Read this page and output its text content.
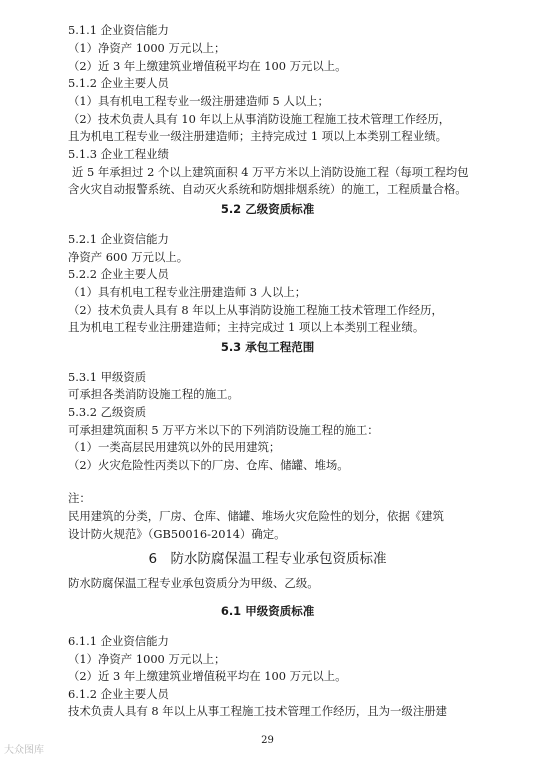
5.1.1 企业资信能力
（1）净资产 1000 万元以上；
（2）近 3 年上缴建筑业增值税平均在 100 万元以上。
5.1.2 企业主要人员
（1）具有机电工程专业一级注册建造师 5 人以上；
（2）技术负责人具有 10 年以上从事消防设施工程施工技术管理工作经历，
且为机电工程专业一级注册建造师；主持完成过 1 项以上本类别工程业绩。
5.1.3 企业工程业绩
近 5 年承担过 2 个以上建筑面积 4 万平方米以上消防设施工程（每项工程均包
含火灾自动报警系统、自动灭火系统和防烟排烟系统）的施工，工程质量合格。
5.2 乙级资质标准
5.2.1 企业资信能力
净资产 600 万元以上。
5.2.2 企业主要人员
（1）具有机电工程专业注册建造师 3 人以上；
（2）技术负责人具有 8 年以上从事消防设施工程施工技术管理工作经历，
且为机电工程专业注册建造师；主持完成过 1 项以上本类别工程业绩。
5.3 承包工程范围
5.3.1 甲级资质
可承担各类消防设施工程的施工。
5.3.2 乙级资质
可承担建筑面积 5 万平方米以下的下列消防设施工程的施工：
（1）一类高层民用建筑以外的民用建筑；
（2）火灾危险性丙类以下的厂房、仓库、储罐、堆场。
注：
民用建筑的分类，厂房、仓库、储罐、堆场火灾危险性的划分，依据《建筑
设计防火规范》（GB50016-2014）确定。
6　防水防腐保温工程专业承包资质标准
防水防腐保温工程专业承包资质分为甲级、乙级。
6.1 甲级资质标准
6.1.1 企业资信能力
（1）净资产 1000 万元以上；
（2）近 3 年上缴建筑业增值税平均在 100 万元以上。
6.1.2 企业主要人员
技术负责人具有 8 年以上从事工程施工技术管理工作经历，且为一级注册建
29
大众图库
